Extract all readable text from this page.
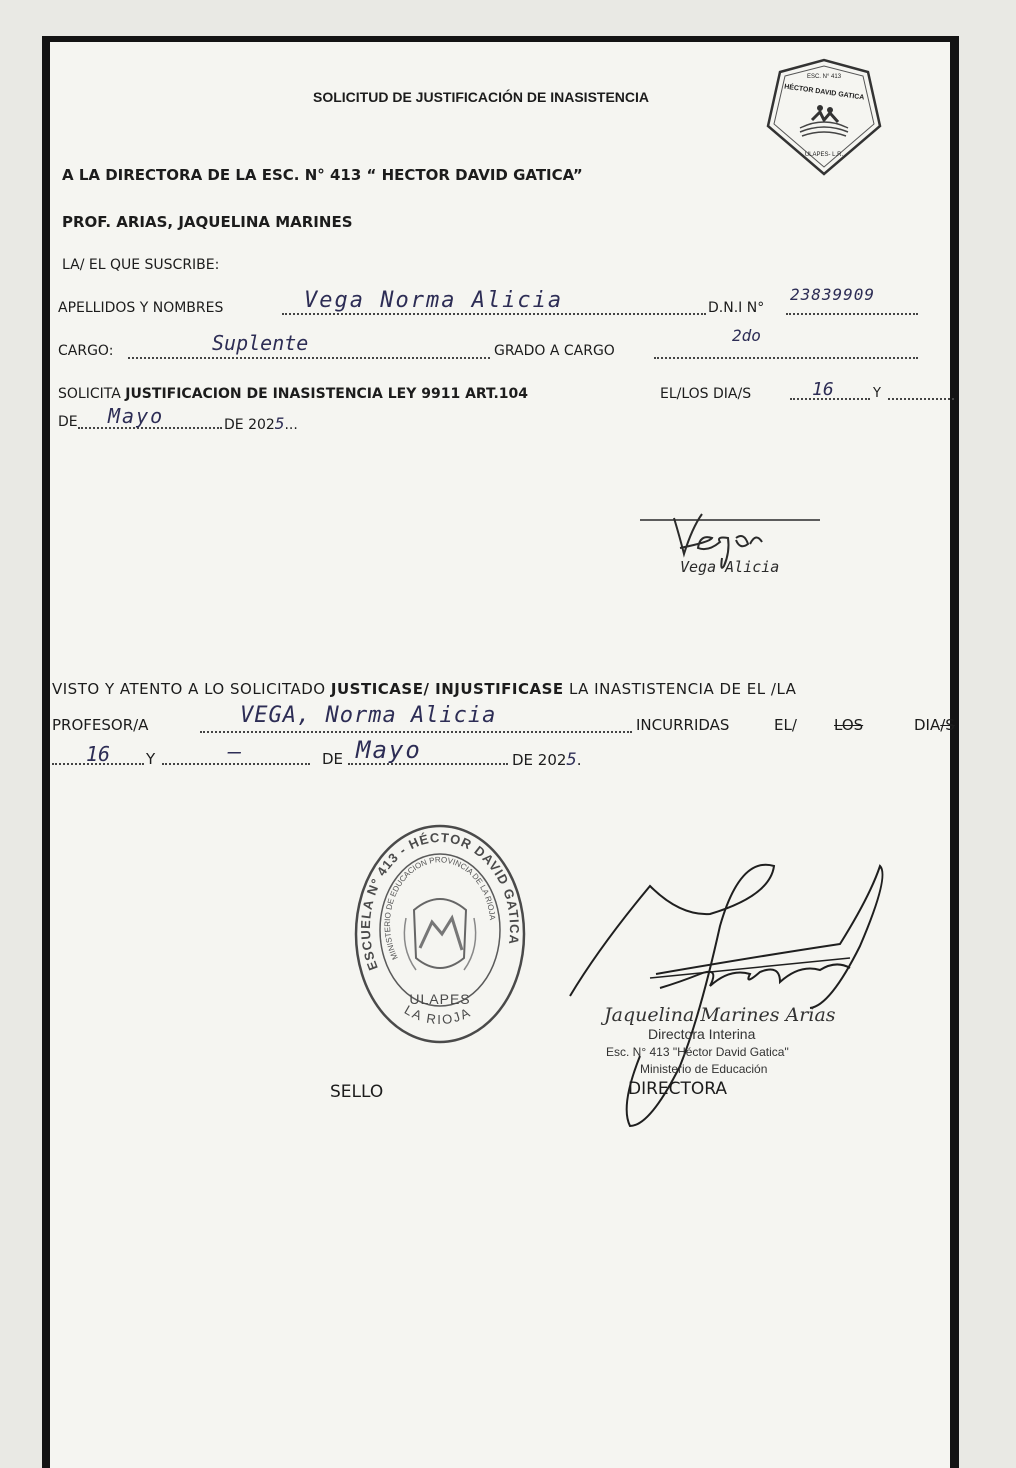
SOLICITUD DE JUSTIFICACIÓN DE INASISTENCIA
ESC. N° 413
HÉCTOR DAVID GATICA
ULAPES- L.R.
A LA DIRECTORA DE LA ESC. N° 413 “ HECTOR DAVID GATICA”
PROF. ARIAS, JAQUELINA MARINES
LA/ EL QUE SUSCRIBE:
APELLIDOS Y NOMBRES	Vega Norma Alicia	D.N.I N°
23839909
CARGO:	Suplente	GRADO A CARGO
2do
SOLICITA JUSTIFICACION DE INASISTENCIA LEY 9911 ART.104	EL/LOS DIA/S	16	Y
DE Mayo	DE 2025...
Vega Alicia
VISTO Y ATENTO A LO SOLICITADO JUSTICASE/ INJUSTIFICASE LA INASTISTENCIA DE EL /LA
PROFESOR/A	VEGA, Norma Alicia	INCURRIDAS	EL/ LOS	DIA/S
16 Y	–	DE Mayo	DE 2025.
ESCUELA N° 413 - HÉCTOR DAVID GATICA
MINISTERIO DE EDUCACION PROVINCIA DE LA RIOJA
ULAPES
LA RIOJA	Jaquelina Marines Arias
Directora Interina
Esc. N° 413 "Héctor David Gatica"
Ministerio de Educación
SELLO	DIRECTORA
